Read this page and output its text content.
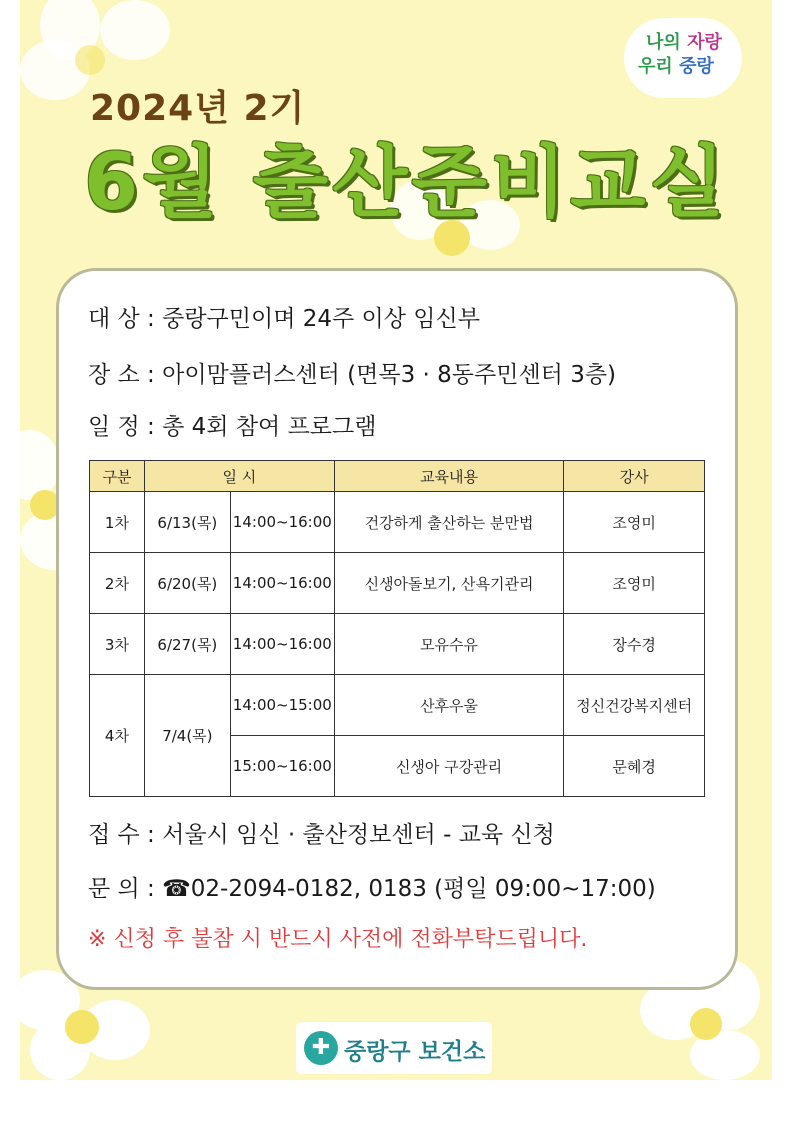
나의 자랑
우리 중랑
2024년 2기
6월 출산준비교실
대 상 : 중랑구민이며 24주 이상 임신부
장 소 : 아이맘플러스센터 (면목3 · 8동주민센터 3층)
일 정 : 총 4회 참여 프로그램
구분	일 시		교육내용	강사
1차	6/13(목)	14:00~16:00	건강하게 출산하는 분만법	조영미
2차	6/20(목)	14:00~16:00	신생아돌보기, 산욕기관리	조영미
3차	6/27(목)	14:00~16:00	모유수유	장수경
4차	7/4(목)	14:00~15:00	산후우울	정신건강복지센터
		15:00~16:00	신생아 구강관리	문혜경
접 수 : 서울시 임신 · 출산정보센터 - 교육 신청
문 의 : ☎02-2094-0182, 0183 (평일 09:00~17:00)
※ 신청 후 불참 시 반드시 사전에 전화부탁드립니다.
✚ 중랑구 보건소
